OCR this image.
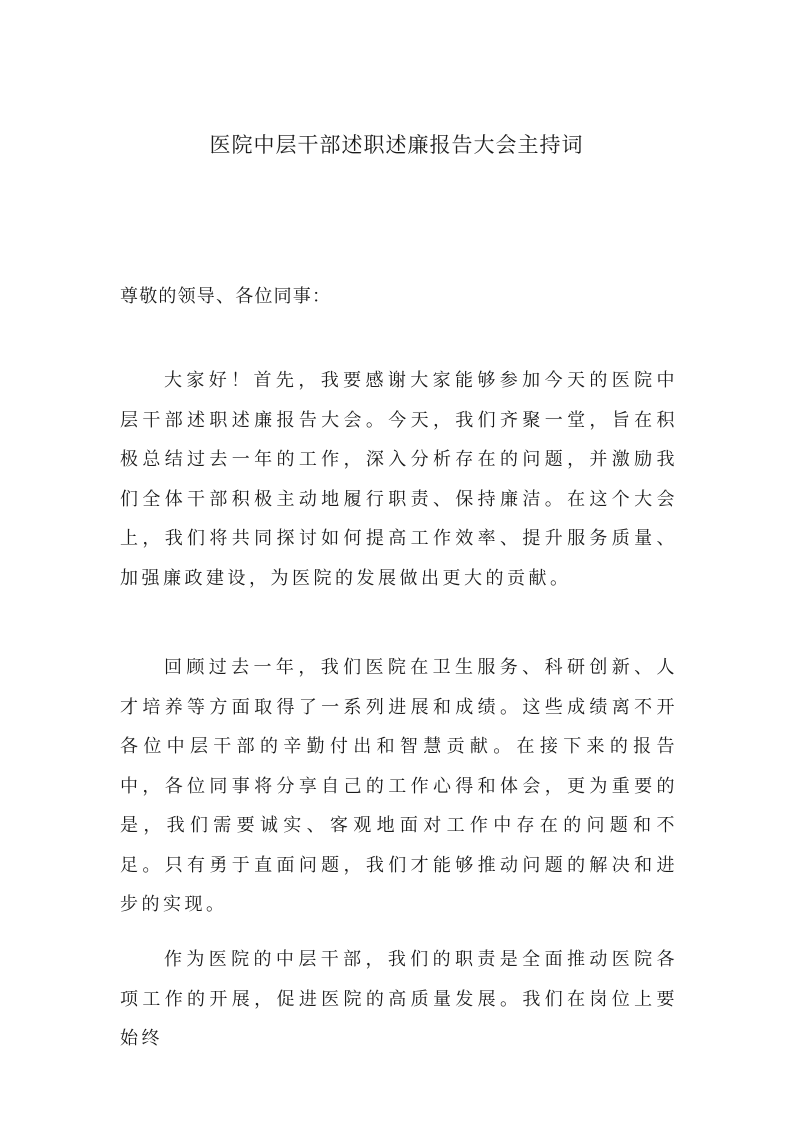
医院中层干部述职述廉报告大会主持词
尊敬的领导、各位同事：
大家好！首先，我要感谢大家能够参加今天的医院中层干部述职述廉报告大会。今天，我们齐聚一堂，旨在积极总结过去一年的工作，深入分析存在的问题，并激励我们全体干部积极主动地履行职责、保持廉洁。在这个大会上，我们将共同探讨如何提高工作效率、提升服务质量、加强廉政建设，为医院的发展做出更大的贡献。
回顾过去一年，我们医院在卫生服务、科研创新、人才培养等方面取得了一系列进展和成绩。这些成绩离不开各位中层干部的辛勤付出和智慧贡献。在接下来的报告中，各位同事将分享自己的工作心得和体会，更为重要的是，我们需要诚实、客观地面对工作中存在的问题和不足。只有勇于直面问题，我们才能够推动问题的解决和进步的实现。
作为医院的中层干部，我们的职责是全面推动医院各项工作的开展，促进医院的高质量发展。我们在岗位上要始终
